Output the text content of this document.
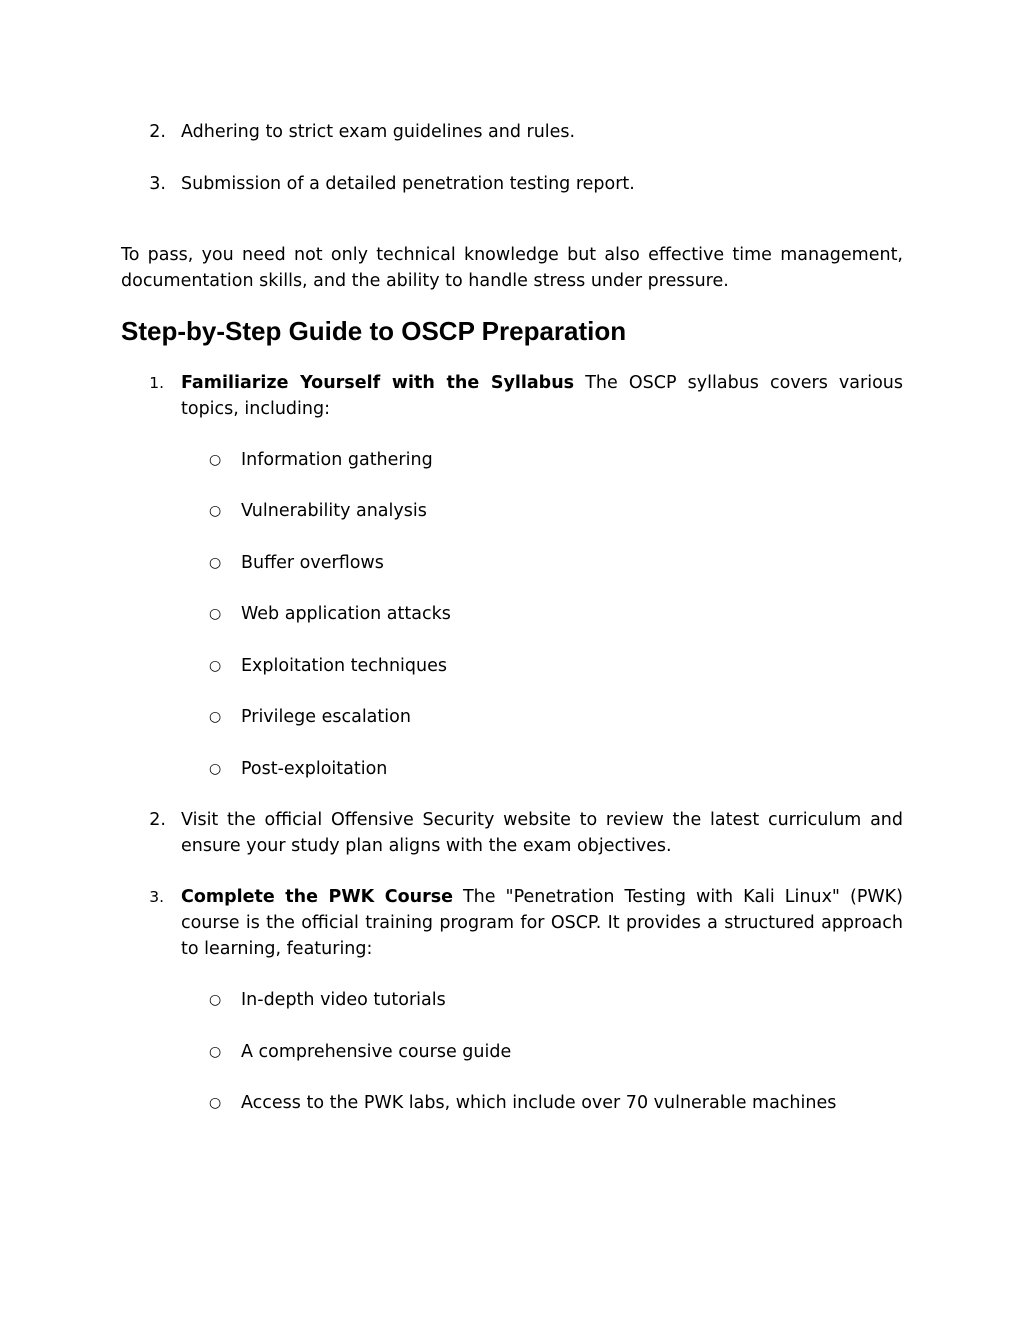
2. Adhering to strict exam guidelines and rules.
3. Submission of a detailed penetration testing report.
To pass, you need not only technical knowledge but also effective time management, documentation skills, and the ability to handle stress under pressure.
Step-by-Step Guide to OSCP Preparation
1. Familiarize Yourself with the Syllabus The OSCP syllabus covers various topics, including:
○ Information gathering
○ Vulnerability analysis
○ Buffer overflows
○ Web application attacks
○ Exploitation techniques
○ Privilege escalation
○ Post-exploitation
2. Visit the official Offensive Security website to review the latest curriculum and ensure your study plan aligns with the exam objectives.
3. Complete the PWK Course The "Penetration Testing with Kali Linux" (PWK) course is the official training program for OSCP. It provides a structured approach to learning, featuring:
○ In-depth video tutorials
○ A comprehensive course guide
○ Access to the PWK labs, which include over 70 vulnerable machines
